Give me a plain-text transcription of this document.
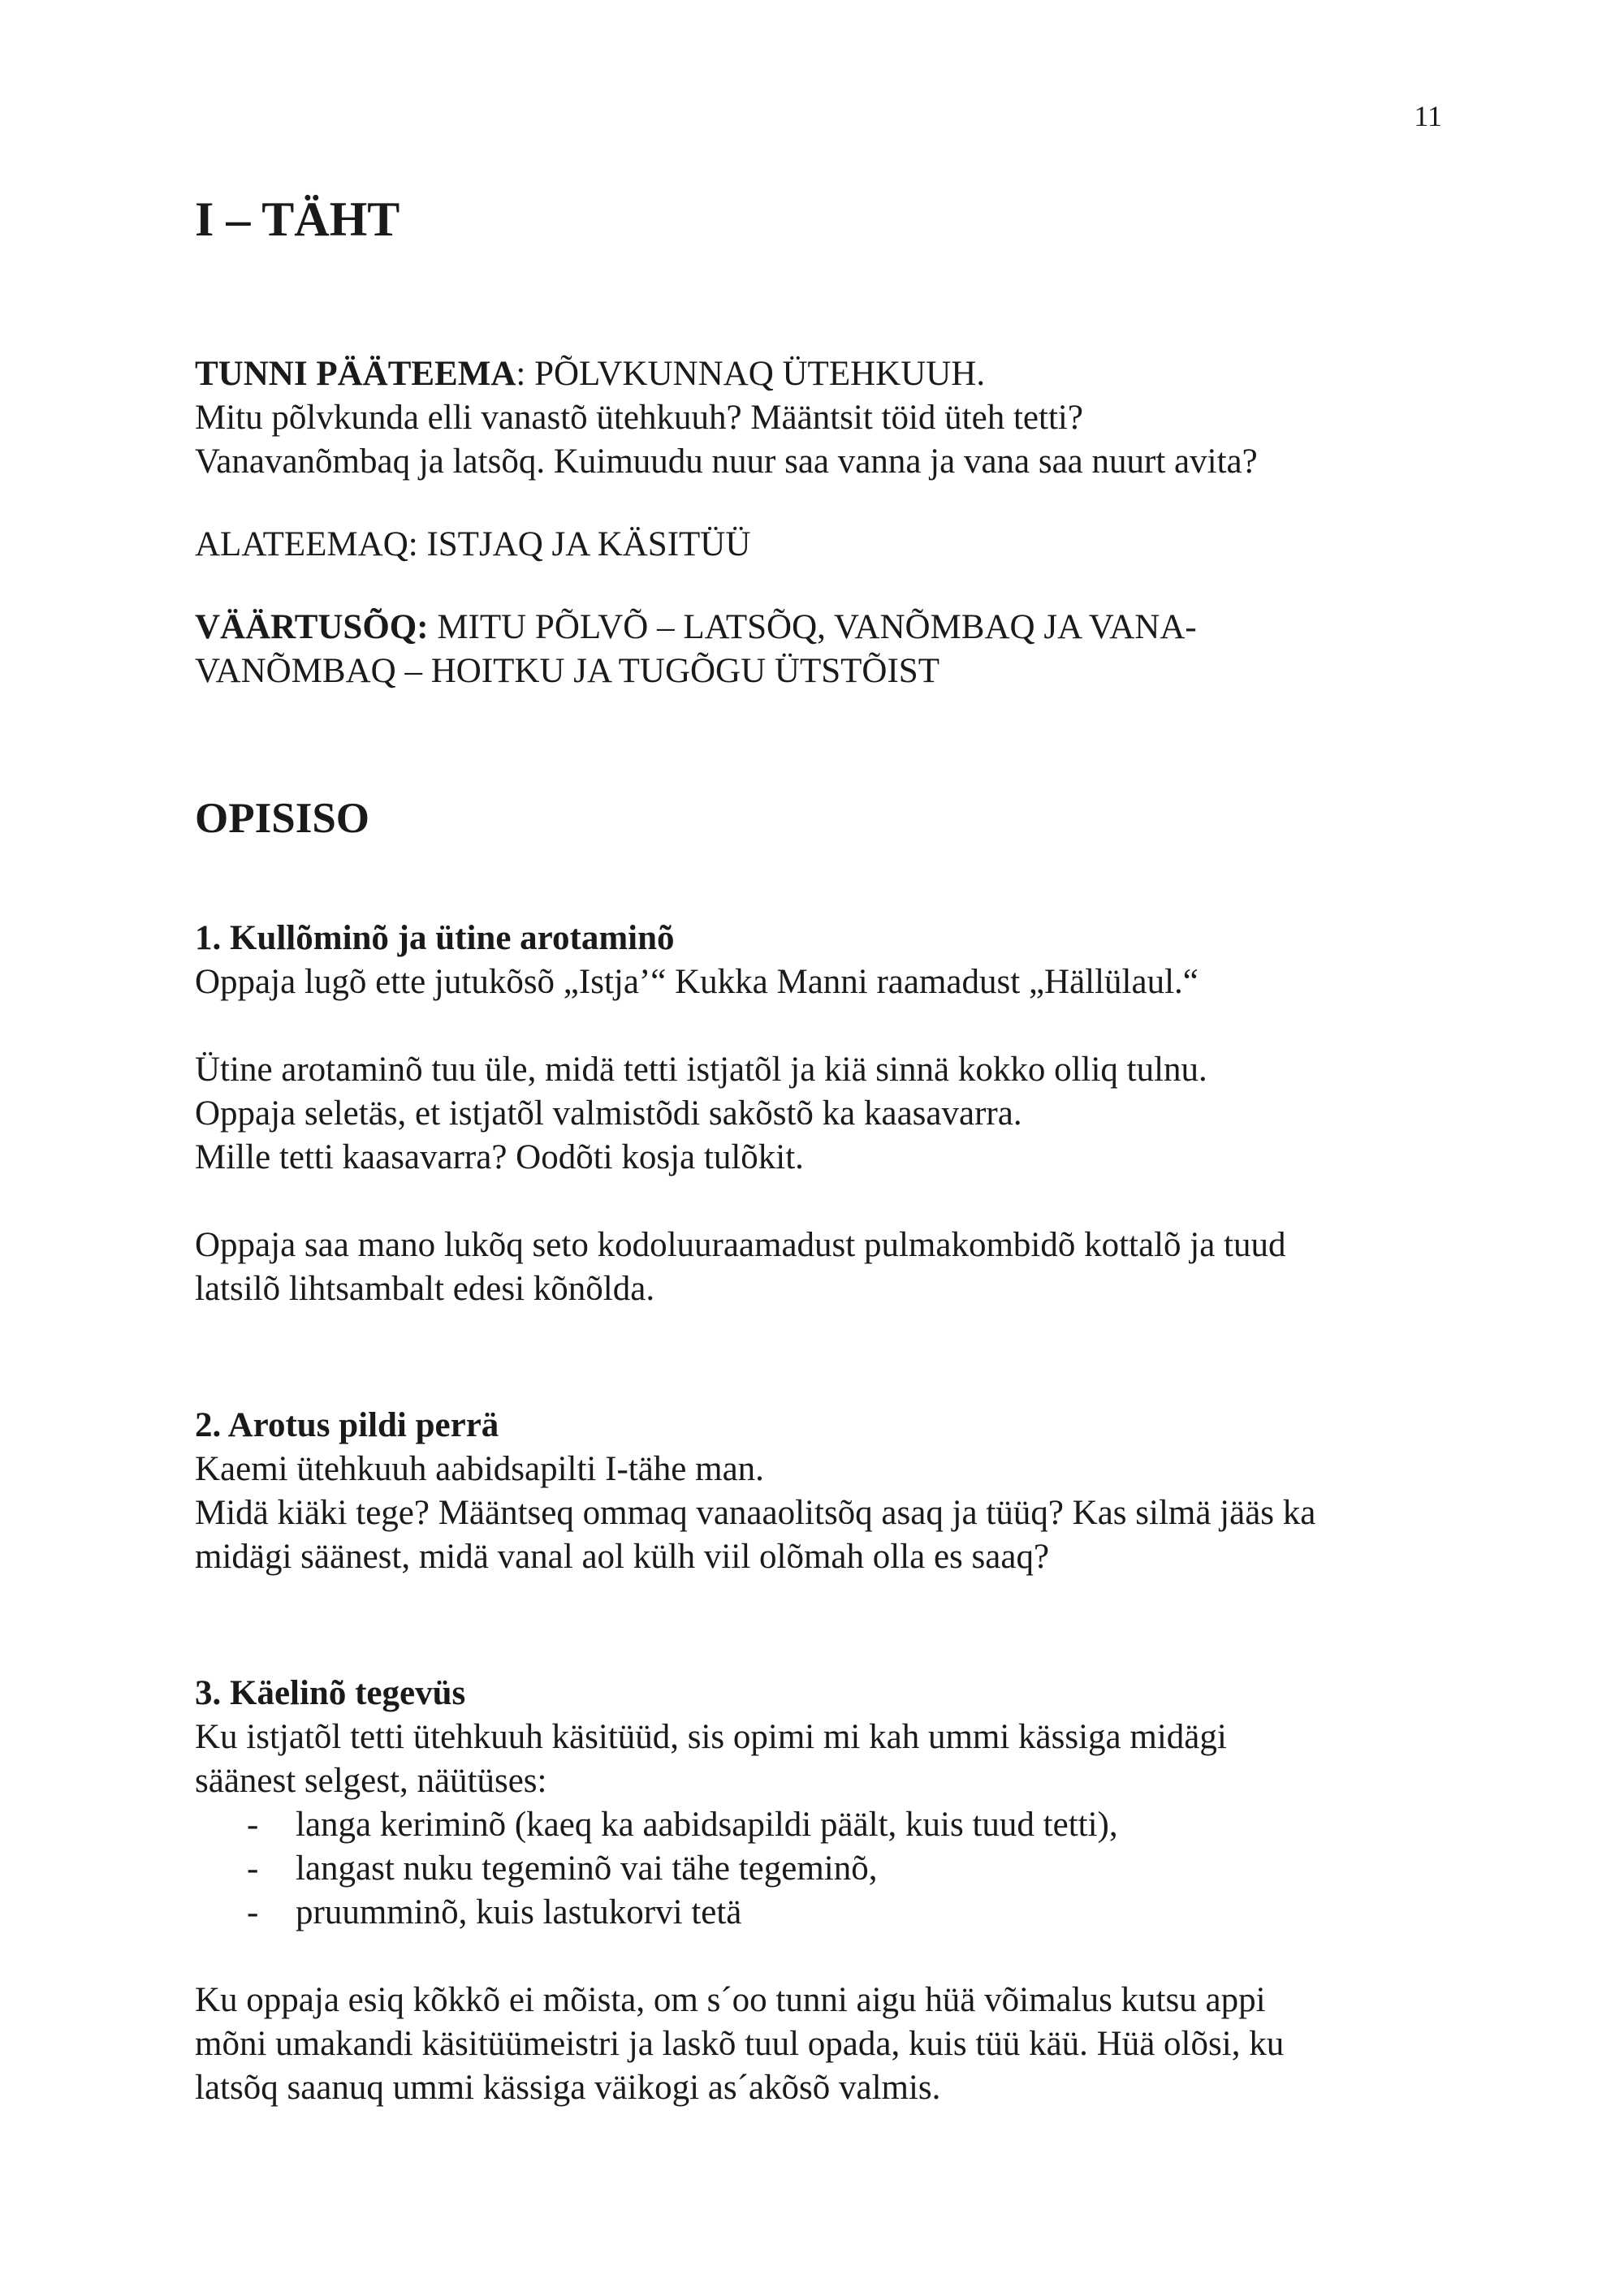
11
I – TÄHT

TUNNI PÄÄTEEMA: PÕLVKUNNAQ ÜTEHKUUH.

Mitu põlvkunda elli vanastõ ütehkuuh? Määntsit töid üteh tetti?

Vanavanõmbaq ja latsõq. Kuimuudu nuur saa vanna ja vana saa nuurt avita?

ALATEEMAQ: ISTJAQ JA KÄSITÜÜ

VÄÄRTUSÕQ: MITU PÕLVÕ – LATSÕQ, VANÕMBAQ JA VANA-

VANÕMBAQ – HOITKU JA TUGÕGU ÜTSTÕIST

OPISISO
1. Kullõminõ ja ütine arotaminõ

Oppaja lugõ ette jutukõsõ „Istja’“ Kukka Manni raamadust „Hällülaul.“

Ütine arotaminõ tuu üle, midä tetti istjatõl ja kiä sinnä kokko olliq tulnu.

Oppaja seletäs, et istjatõl valmistõdi sakõstõ ka kaasavarra.

Mille tetti kaasavarra? Oodõti kosja tulõkit.

Oppaja saa mano lukõq seto kodoluuraamadust pulmakombidõ kottalõ ja tuud

latsilõ lihtsambalt edesi kõnõlda.

2. Arotus pildi perrä

Kaemi ütehkuuh aabidsapilti I-tähe man.

Midä kiäki tege? Määntseq ommaq vanaaolitsõq asaq ja tüüq? Kas silmä jääs ka

midägi säänest, midä vanal aol külh viil olõmah olla es saaq?

3. Käelinõ tegevüs

Ku istjatõl tetti ütehkuuh käsitüüd, sis opimi mi kah ummi kässiga midägi

säänest selgest, näütüses:

- langa keriminõ (kaeq ka aabidsapildi päält, kuis tuud tetti),
- langast nuku tegeminõ vai tähe tegeminõ,
- pruumminõ, kuis lastukorvi tetä

Ku oppaja esiq kõkkõ ei mõista, om s´oo tunni aigu hüä võimalus kutsu appi

mõni umakandi käsitüümeistri ja laskõ tuul opada, kuis tüü käü. Hüä olõsi, ku

latsõq saanuq ummi kässiga väikogi as´akõsõ valmis.
